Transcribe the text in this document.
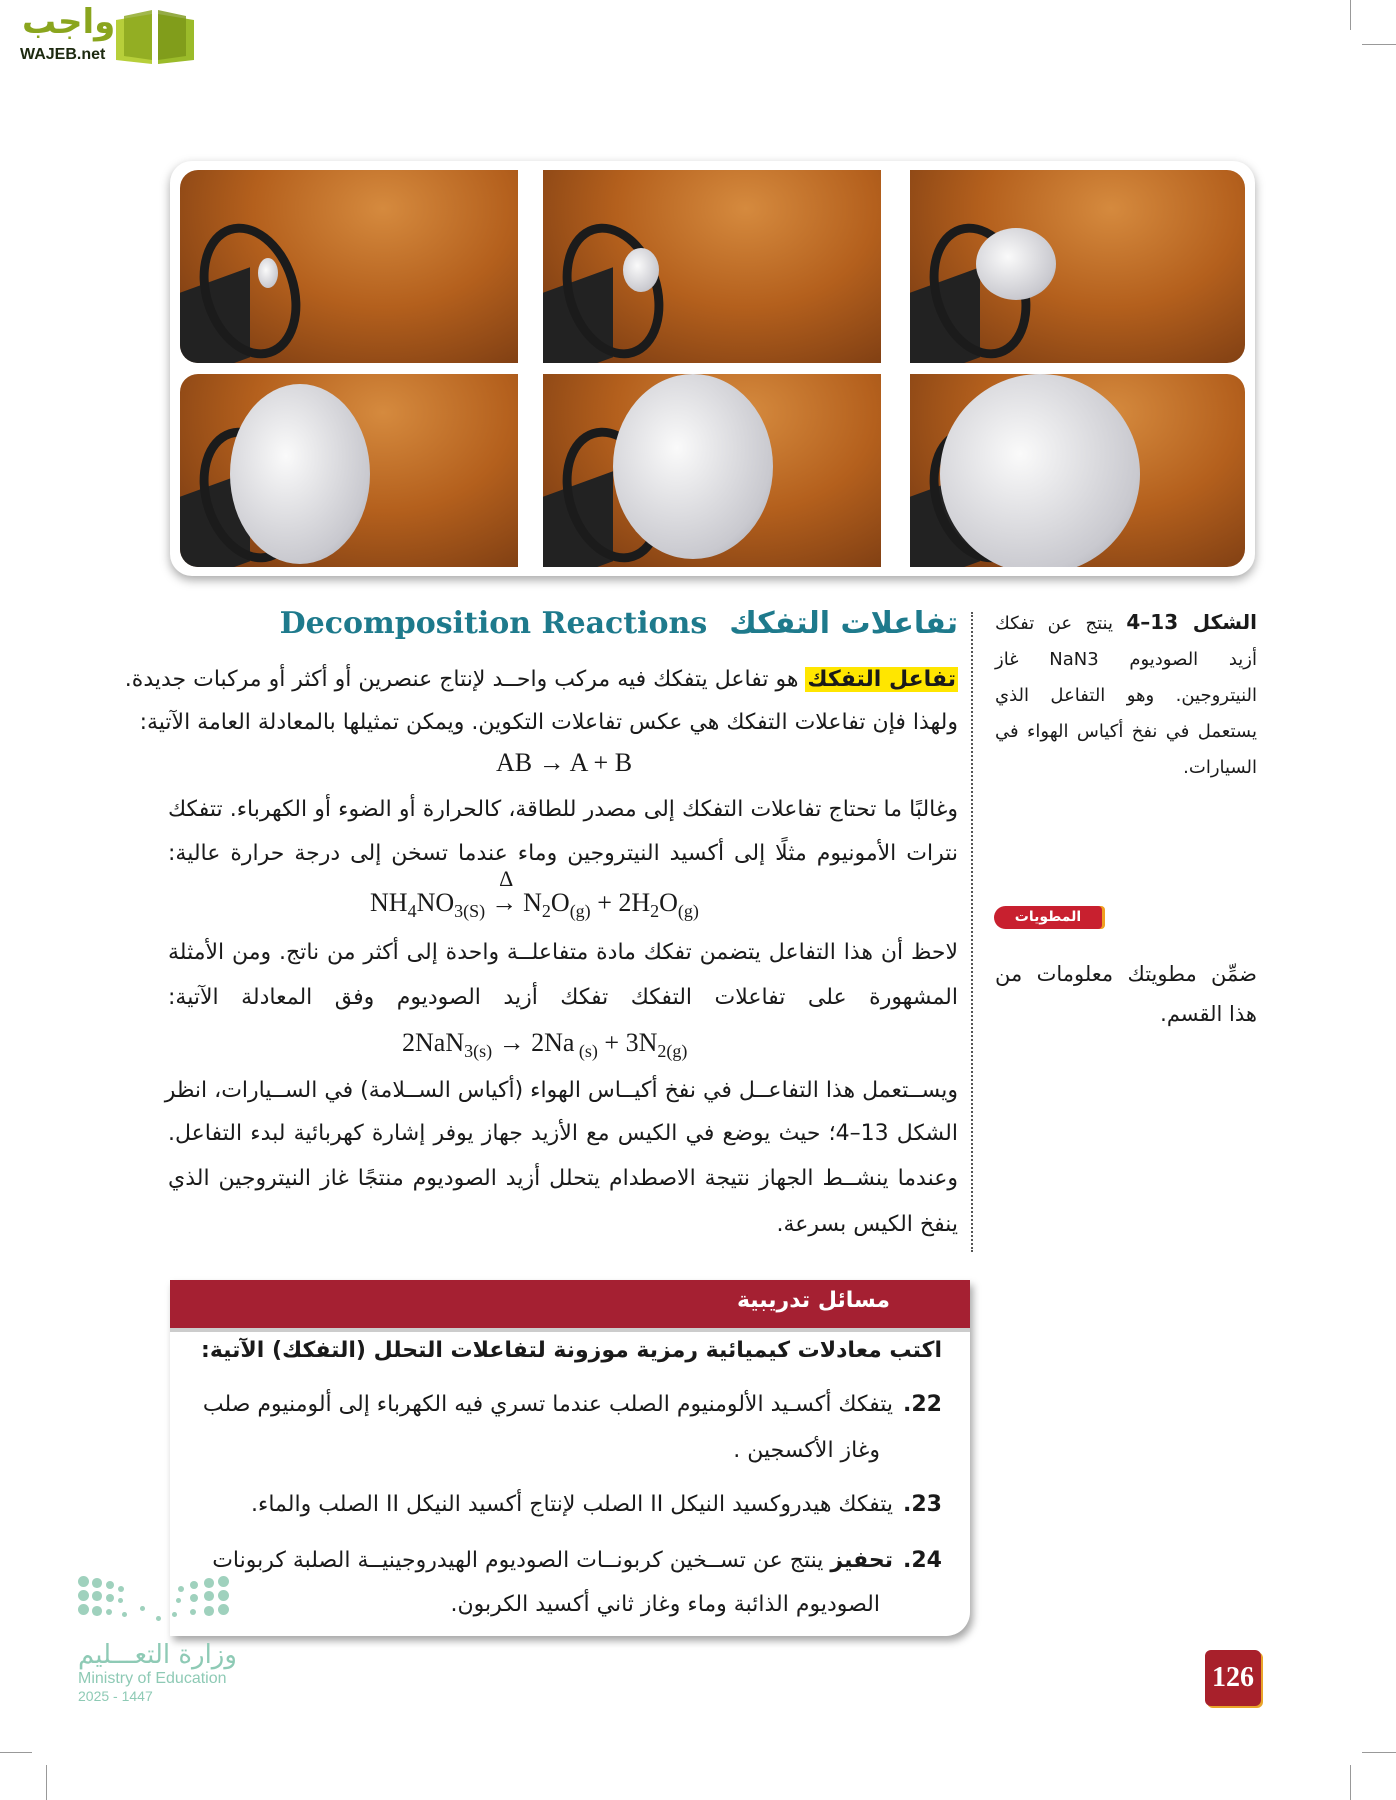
واجب
WAJEB.net
Decomposition Reactions تفاعلات التفكك
تفاعل التفكك هو تفاعل يتفكك فيه مركب واحــد لإنتاج عنصرين أو أكثر أو مركبات جديدة.
ولهذا فإن تفاعلات التفكك هي عكس تفاعلات التكوين. ويمكن تمثيلها بالمعادلة العامة الآتية:
AB → A + B
وغالبًا ما تحتاج تفاعلات التفكك إلى مصدر للطاقة، كالحرارة أو الضوء أو الكهرباء. تتفكك
نترات الأمونيوم مثلًا إلى أكسيد النيتروجين وماء عندما تسخن إلى درجة حرارة عالية:
$NH_4NO_{3(S)}$
Δ
→ $N_2O_{(g)} + 2H_2O_{(g)}$
لاحظ أن هذا التفاعل يتضمن تفكك مادة متفاعلــة واحدة إلى أكثر من ناتج. ومن الأمثلة
المشهورة على تفاعلات التفكك تفكك أزيد الصوديوم وفق المعادلة الآتية:
2NaN$_{3(s)}$ → 2Na $_{(s)} + 3N_{2(g)}$
ويســتعمل هذا التفاعــل في نفخ أكيــاس الهواء (أكياس الســلامة) في الســيارات، انظر
الشكل 13–4؛ حيث يوضع في الكيس مع الأزيد جهاز يوفر إشارة كهربائية لبدء التفاعل.
وعندما ينشــط الجهاز نتيجة الاصطدام يتحلل أزيد الصوديوم منتجًا غاز النيتروجين الذي
ينفخ الكيس بسرعة.
الشكل 13–4 ينتج عن تفكك أزيد الصوديوم NaN3 غاز النيتروجين. وهو التفاعل الذي يستعمل في نفخ أكياس الهواء في السيارات.
المطويات
ضمِّن مطويتك معلومات من هذا القسم.
مسائل تدريبية
اكتب معادلات كيميائية رمزية موزونة لتفاعلات التحلل (التفكك) الآتية:
22.يتفكك أكسـيد الألومنيوم الصلب عندما تسري فيه الكهرباء إلى ألومنيوم صلب
وغاز الأكسجين .
23.يتفكك هيدروكسيد النيكل II الصلب لإنتاج أكسيد النيكل II الصلب والماء.
24.تحفيز ينتج عن تســخين كربونــات الصوديوم الهيدروجينيــة الصلبة كربونات
الصوديوم الذائبة وماء وغاز ثاني أكسيد الكربون.
وزارة التعـــليم
Ministry of Education
2025 - 1447
126
